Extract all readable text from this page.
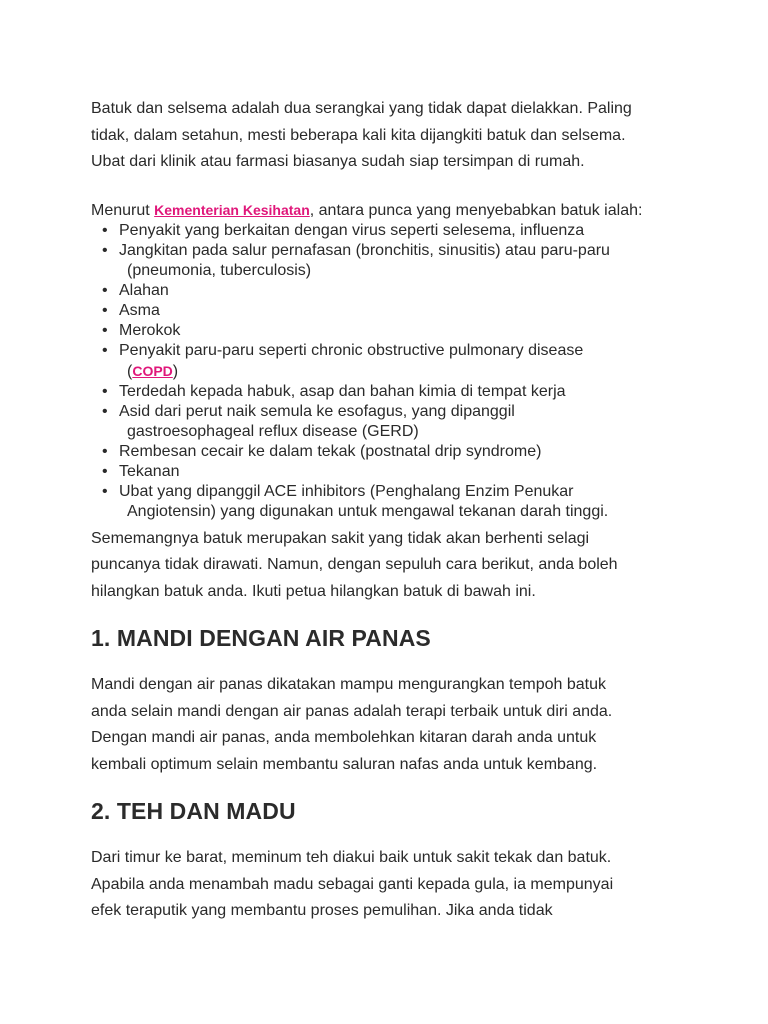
Batuk dan selsema adalah dua serangkai yang tidak dapat dielakkan. Paling
tidak, dalam setahun, mesti beberapa kali kita dijangkiti batuk dan selsema.
Ubat dari klinik atau farmasi biasanya sudah siap tersimpan di rumah.

Menurut Kementerian Kesihatan, antara punca yang menyebabkan batuk ialah:

• Penyakit yang berkaitan dengan virus seperti selesema, influenza
• Jangkitan pada salur pernafasan (bronchitis, sinusitis) atau paru-paru
(pneumonia, tuberculosis)
• Alahan
• Asma
• Merokok
• Penyakit paru-paru seperti chronic obstructive pulmonary disease
(COPD)
• Terdedah kepada habuk, asap dan bahan kimia di tempat kerja
• Asid dari perut naik semula ke esofagus, yang dipanggil
gastroesophageal reflux disease (GERD)
• Rembesan cecair ke dalam tekak (postnatal drip syndrome)
• Tekanan
• Ubat yang dipanggil ACE inhibitors (Penghalang Enzim Penukar
Angiotensin) yang digunakan untuk mengawal tekanan darah tinggi.
Sememangnya batuk merupakan sakit yang tidak akan berhenti selagi
puncanya tidak dirawati. Namun, dengan sepuluh cara berikut, anda boleh
hilangkan batuk anda. Ikuti petua hilangkan batuk di bawah ini.
1. MANDI DENGAN AIR PANAS
Mandi dengan air panas dikatakan mampu mengurangkan tempoh batuk
anda selain mandi dengan air panas adalah terapi terbaik untuk diri anda.
Dengan mandi air panas, anda membolehkan kitaran darah anda untuk
kembali optimum selain membantu saluran nafas anda untuk kembang.
2. TEH DAN MADU
Dari timur ke barat, meminum teh diakui baik untuk sakit tekak dan batuk.
Apabila anda menambah madu sebagai ganti kepada gula, ia mempunyai
efek teraputik yang membantu proses pemulihan. Jika anda tidak
